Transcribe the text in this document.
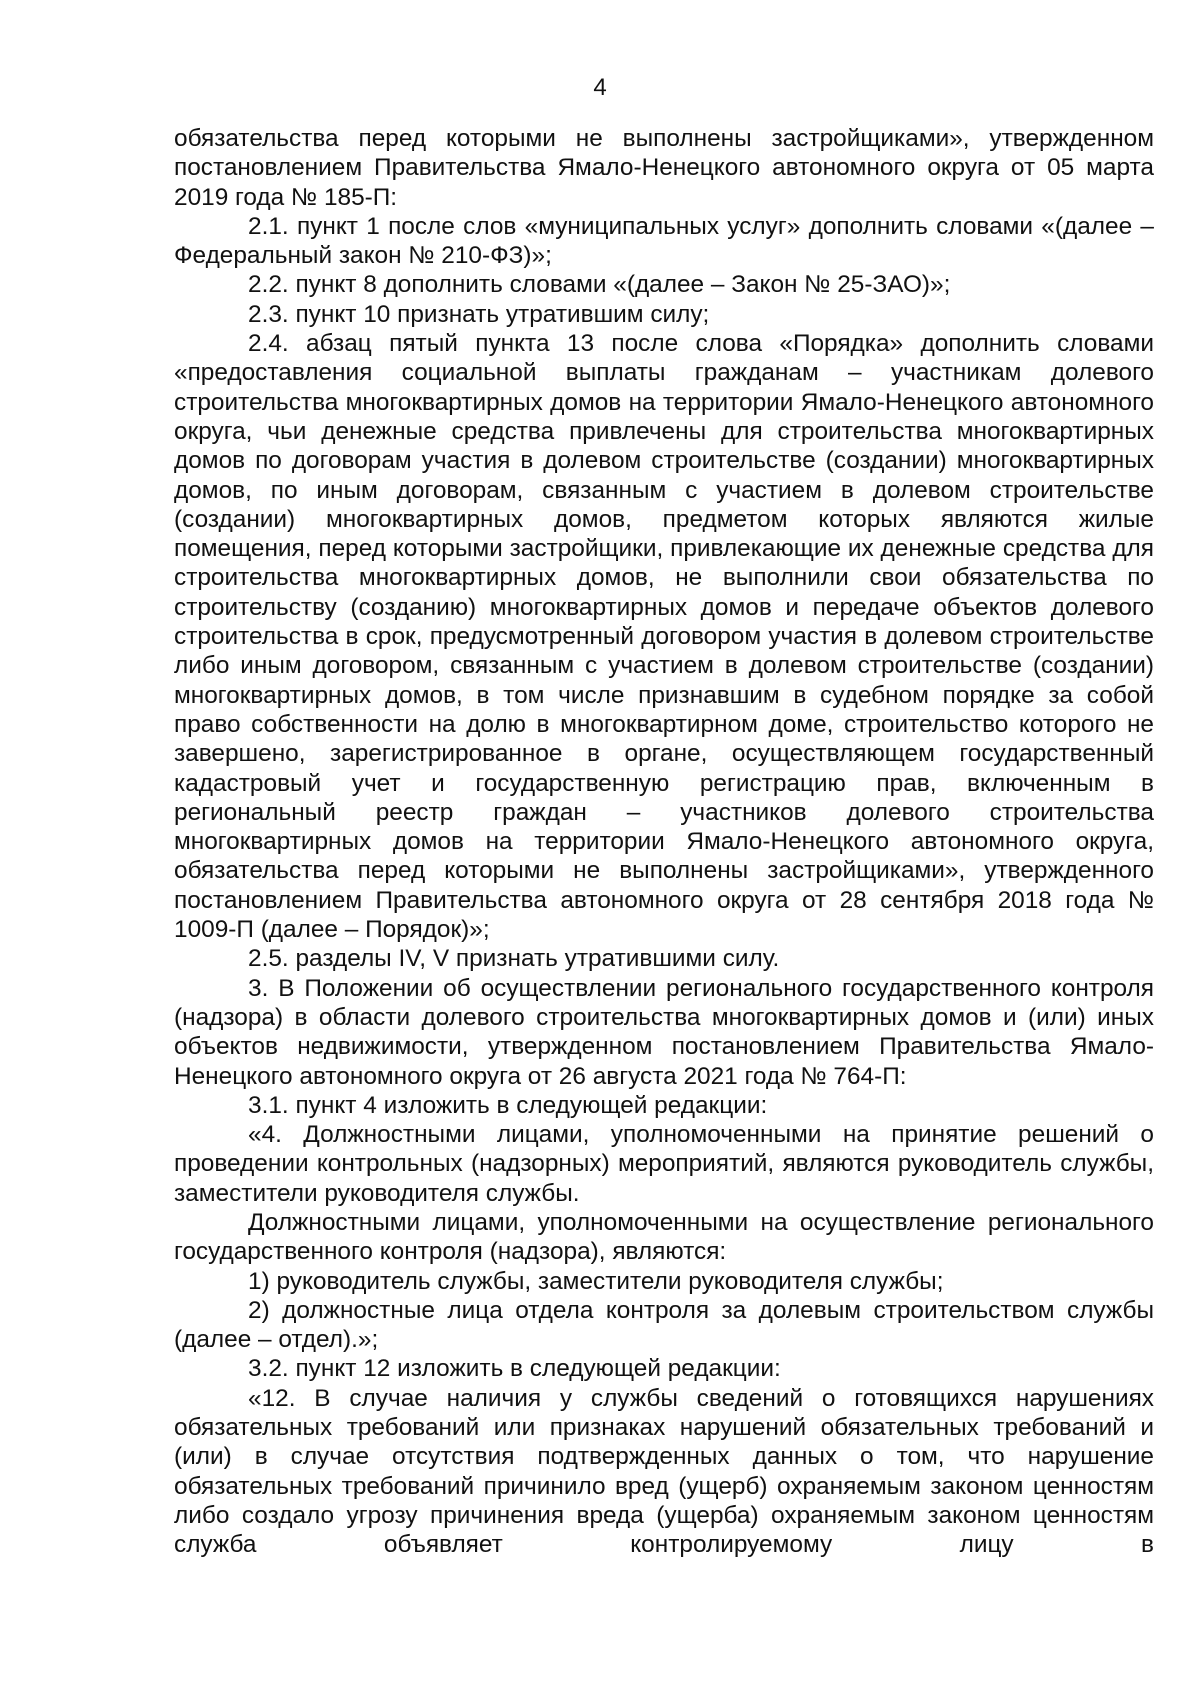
4

обязательства перед которыми не выполнены застройщиками», утвержденном постановлением Правительства Ямало-Ненецкого автономного округа от 05 марта 2019 года № 185-П:

2.1. пункт 1 после слов «муниципальных услуг» дополнить словами «(далее – Федеральный закон № 210-ФЗ)»;

2.2. пункт 8 дополнить словами «(далее – Закон № 25-ЗАО)»;

2.3. пункт 10 признать утратившим силу;

2.4. абзац пятый пункта 13 после слова «Порядка» дополнить словами «предоставления социальной выплаты гражданам – участникам долевого строительства многоквартирных домов на территории Ямало-Ненецкого автономного округа, чьи денежные средства привлечены для строительства многоквартирных домов по договорам участия в долевом строительстве (создании) многоквартирных домов, по иным договорам, связанным с участием в долевом строительстве (создании) многоквартирных домов, предметом которых являются жилые помещения, перед которыми застройщики, привлекающие их денежные средства для строительства многоквартирных домов, не выполнили свои обязательства по строительству (созданию) многоквартирных домов и передаче объектов долевого строительства в срок, предусмотренный договором участия в долевом строительстве либо иным договором, связанным с участием в долевом строительстве (создании) многоквартирных домов, в том числе признавшим в судебном порядке за собой право собственности на долю в многоквартирном доме, строительство которого не завершено, зарегистрированное в органе, осуществляющем государственный кадастровый учет и государственную регистрацию прав, включенным в региональный реестр граждан – участников долевого строительства многоквартирных домов на территории Ямало-Ненецкого автономного округа, обязательства перед которыми не выполнены застройщиками», утвержденного постановлением Правительства автономного округа от 28 сентября 2018 года № 1009-П (далее – Порядок)»;

2.5. разделы IV, V признать утратившими силу.

3. В Положении об осуществлении регионального государственного контроля (надзора) в области долевого строительства многоквартирных домов и (или) иных объектов недвижимости, утвержденном постановлением Правительства Ямало-Ненецкого автономного округа от 26 августа 2021 года № 764-П:

3.1. пункт 4 изложить в следующей редакции:

«4. Должностными лицами, уполномоченными на принятие решений о проведении контрольных (надзорных) мероприятий, являются руководитель службы, заместители руководителя службы.

Должностными лицами, уполномоченными на осуществление регионального государственного контроля (надзора), являются:

1) руководитель службы, заместители руководителя службы;

2) должностные лица отдела контроля за долевым строительством службы (далее – отдел).»;

3.2. пункт 12 изложить в следующей редакции:

«12. В случае наличия у службы сведений о готовящихся нарушениях обязательных требований или признаках нарушений обязательных требований и (или) в случае отсутствия подтвержденных данных о том, что нарушение обязательных требований причинило вред (ущерб) охраняемым законом ценностям либо создало угрозу причинения вреда (ущерба) охраняемым законом ценностям служба объявляет контролируемому лицу в
